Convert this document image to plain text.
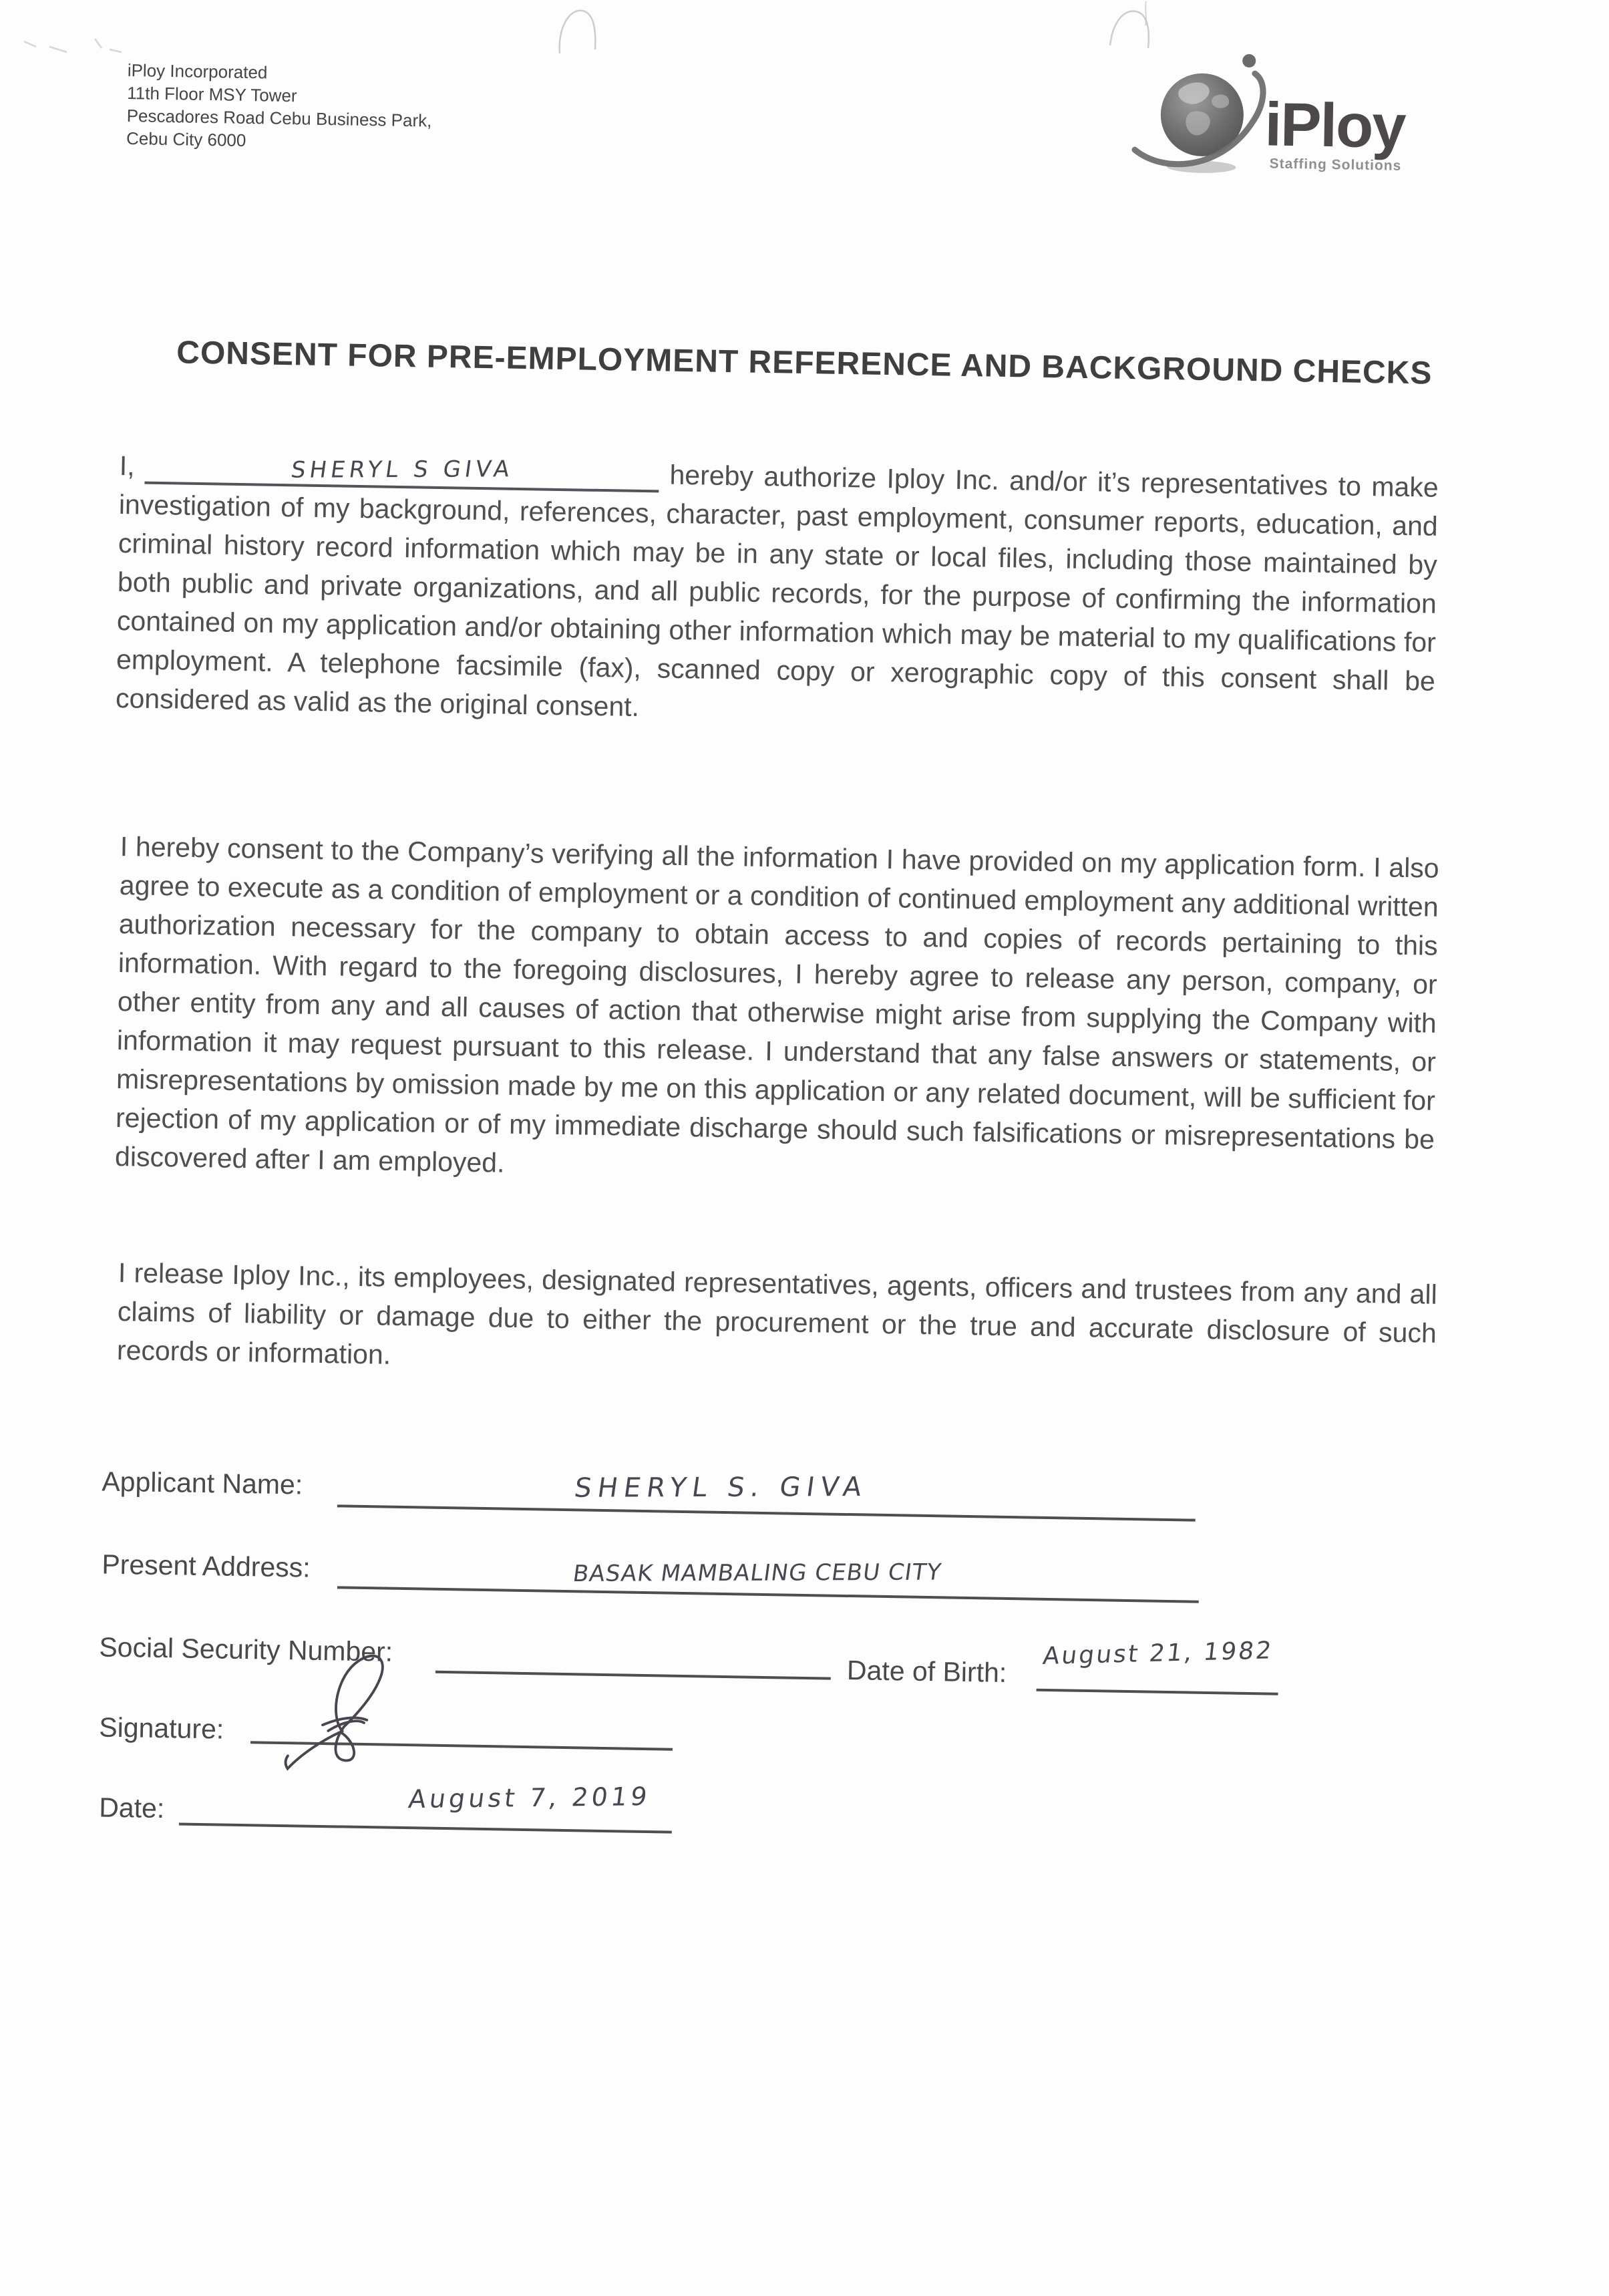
iPloy Incorporated
11th Floor MSY Tower
Pescadores Road Cebu Business Park,
Cebu City 6000	iPloy
Staffing Solutions
CONSENT FOR PRE-EMPLOYMENT REFERENCE AND BACKGROUND CHECKS

I,	SHERYL S GIVA	hereby authorize Iploy Inc. and/or it’s representatives to make investigation of my background, references, character, past employment, consumer reports, education, and criminal history record information which may be in any state or local files, including those maintained by both public and private organizations, and all public records, for the purpose of confirming the information contained on my application and/or obtaining other information which may be material to my qualifications for employment. A telephone facsimile (fax), scanned copy or xerographic copy of this consent shall be considered as valid as the original consent.

I hereby consent to the Company’s verifying all the information I have provided on my application form. I also agree to execute as a condition of employment or a condition of continued employment any additional written authorization necessary for the company to obtain access to and copies of records pertaining to this information. With regard to the foregoing disclosures, I hereby agree to release any person, company, or other entity from any and all causes of action that otherwise might arise from supplying the Company with information it may request pursuant to this release. I understand that any false answers or statements, or misrepresentations by omission made by me on this application or any related document, will be sufficient for rejection of my application or of my immediate discharge should such falsifications or misrepresentations be discovered after I am employed.

I release Iploy Inc., its employees, designated representatives, agents, officers and trustees from any and all claims of liability or damage due to either the procurement or the true and accurate disclosure of such records or information.

Applicant Name:	SHERYL S. GIVA
Present Address:	BASAK MAMBALING CEBU CITY
Social Security Number:
Date of Birth:
August 21, 1982
Signature:
Date:	August 7, 2019
